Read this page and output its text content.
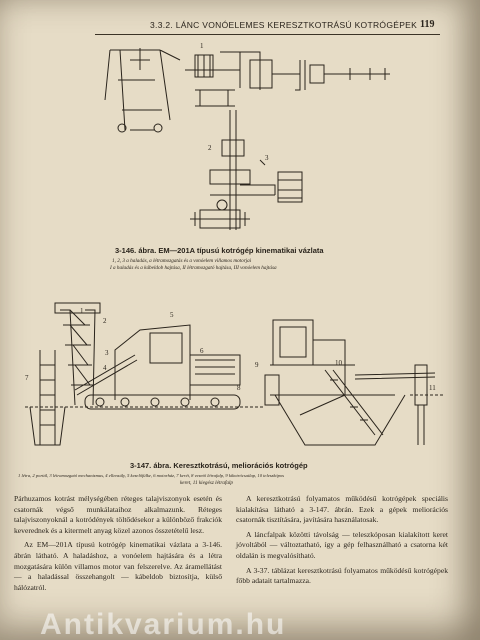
3.3.2. LÁNC VONÓELEMES KERESZTKOTRÁSÚ KOTRÓGÉPEK 119
1
3
2
3-146. ábra. EM—201A típusú kotrógép kinematikai vázlata
1, 2, 3 a haladás, a létramozgatás és a vonóelem villamos motorjai
I a haladás és a kábeldob hajtása, II létramozgató hajtása, III vonóelem hajtása
1
2
3
4
5
6
7
8
9	10
11
3-147. ábra. Keresztkotrású, meliorációs kotrógép
1 létra, 2 portál, 3 létramozgató mechanizmus, 4 ellensúly, 5 kezelőfülke, 6 motorház, 7 kerét, 8 vezető létrafalp, 9 kikotrócsatlap, 10 teleszkópos
keret, 11 kiegész létrafalp

Párhuzamos kotrást mélységében réteges talajviszonyok esetén és csatornák végső munkálataihoz alkalmazunk. Réteges talajviszonyoknál a kotródények töltődésekor a különböző frakciók keverednek és a kitermelt anyag közel azonos összetételű lesz.

Az EM—201A típusú kotrógép kinematikai vázlata a 3-146. ábrán látható. A haladáshoz, a vonóelem hajtására és a létra mozgatására külön villamos motor van felszerelve. Az áramellátást — a haladással összehangolt — kábeldob biztosítja, külső hálózatról.

A keresztkotrású folyamatos működésű kotrógépek speciális kialakítása látható a 3-147. ábrán. Ezek a gépek meliorációs csatornák tisztítására, javítására használatosak.

A láncfalpak közötti távolság — teleszkóposan kialakított keret jóvoltából — változtatható, így a gép felhasználható a csatorna két oldalán is megvalósítható.

A 3-37. táblázat keresztkotrású folyamatos működésű kotrógépek főbb adatait tartalmazza.

Antikvarium.hu
